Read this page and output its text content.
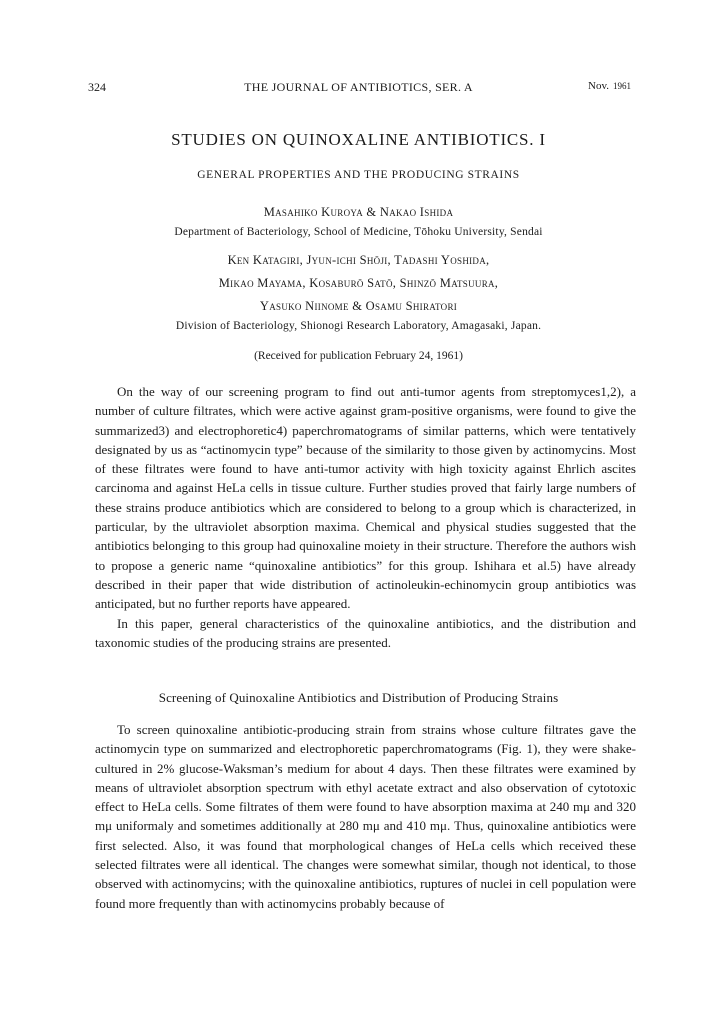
324	THE JOURNAL OF ANTIBIOTICS, SER. A	Nov. 1961
STUDIES ON QUINOXALINE ANTIBIOTICS. I
GENERAL PROPERTIES AND THE PRODUCING STRAINS
Masahiko Kuroya & Nakao Ishida
Department of Bacteriology, School of Medicine, Tōhoku University, Sendai
Ken Katagiri, Jyun-ichi Shōji, Tadashi Yoshida,
Mikao Mayama, Kosaburō Satō, Shinzō Matsuura,
Yasuko Niinome & Osamu Shiratori
Division of Bacteriology, Shionogi Research Laboratory, Amagasaki, Japan.
(Received for publication February 24, 1961)

On the way of our screening program to find out anti-tumor agents from streptomyces1,2), a number of culture filtrates, which were active against gram-positive organisms, were found to give the summarized3) and electrophoretic4) paperchromatograms of similar patterns, which were tentatively designated by us as “actinomycin type” because of the similarity to those given by actinomycins. Most of these filtrates were found to have anti-tumor activity with high toxicity against Ehrlich ascites carcinoma and against HeLa cells in tissue culture. Further studies proved that fairly large numbers of these strains produce antibiotics which are considered to belong to a group which is characterized, in particular, by the ultraviolet absorption maxima. Chemical and physical studies suggested that the antibiotics belonging to this group had quinoxaline moiety in their structure. Therefore the authors wish to propose a generic name “quinoxaline antibiotics” for this group. Ishihara et al.5) have already described in their paper that wide distribution of actinoleukin-echinomycin group antibiotics was anticipated, but no further reports have appeared.

In this paper, general characteristics of the quinoxaline antibiotics, and the distribution and taxonomic studies of the producing strains are presented.

Screening of Quinoxaline Antibiotics and Distribution of Producing Strains

To screen quinoxaline antibiotic-producing strain from strains whose culture filtrates gave the actinomycin type on summarized and electrophoretic paperchromatograms (Fig. 1), they were shake-cultured in 2% glucose-Waksman’s medium for about 4 days. Then these filtrates were examined by means of ultraviolet absorption spectrum with ethyl acetate extract and also observation of cytotoxic effect to HeLa cells. Some filtrates of them were found to have absorption maxima at 240 mμ and 320 mμ uniformaly and sometimes additionally at 280 mμ and 410 mμ. Thus, quinoxaline antibiotics were first selected. Also, it was found that morphological changes of HeLa cells which received these selected filtrates were all identical. The changes were somewhat similar, though not identical, to those observed with actinomycins; with the quinoxaline antibiotics, ruptures of nuclei in cell population were found more frequently than with actinomycins probably because of
